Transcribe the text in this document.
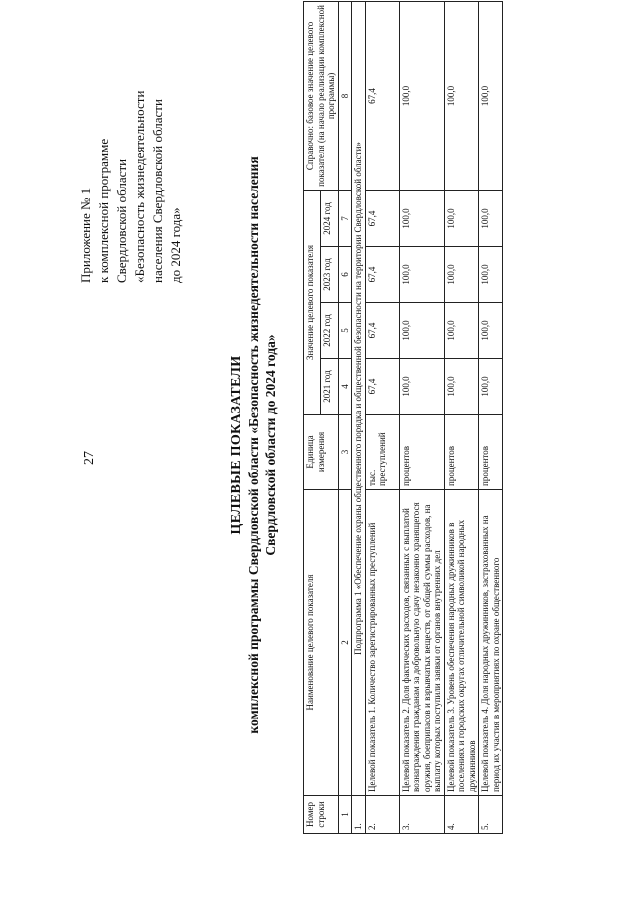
27
Приложение № 1 к комплексной программе Свердловской области «Безопасность жизнедеятельности населения Свердловской области до 2024 года»
ЦЕЛЕВЫЕ ПОКАЗАТЕЛИ комплексной программы Свердловской области «Безопасность жизнедеятельности населения Свердловской области до 2024 года»
Номер строки	Наименование целевого показателя	Единица измерения	Значение целевого показателя				Справочно: базовое значение целевого показателя (на начало реализации комплексной программы)
			2021 год	2022 год	2023 год	2024 год	
1	2	3	4	5	6	7	8
1.	Подпрограмма 1 «Обеспечение охраны общественного порядка и общественной безопасности на территории Свердловской области»						
2.	Целевой показатель 1. Количество зарегистрированных преступлений	тыс. преступлений	67,4	67,4	67,4	67,4	67,4
3.	Целевой показатель 2. Доля фактических расходов, связанных с выплатой вознаграждения гражданам за добровольную сдачу незаконно хранящегося оружия, боеприпасов и взрывчатых веществ, от общей суммы расходов, на выплату которых поступили заявки от органов внутренних дел	процентов	100,0	100,0	100,0	100,0	100,0
4.	Целевой показатель 3. Уровень обеспечения народных дружинников в поселениях и городских округах отличительной символикой народных дружинников	процентов	100,0	100,0	100,0	100,0	100,0
5.	Целевой показатель 4. Доля народных дружинников, застрахованных на период их участия в мероприятиях по охране общественного	процентов	100,0	100,0	100,0	100,0	100,0
